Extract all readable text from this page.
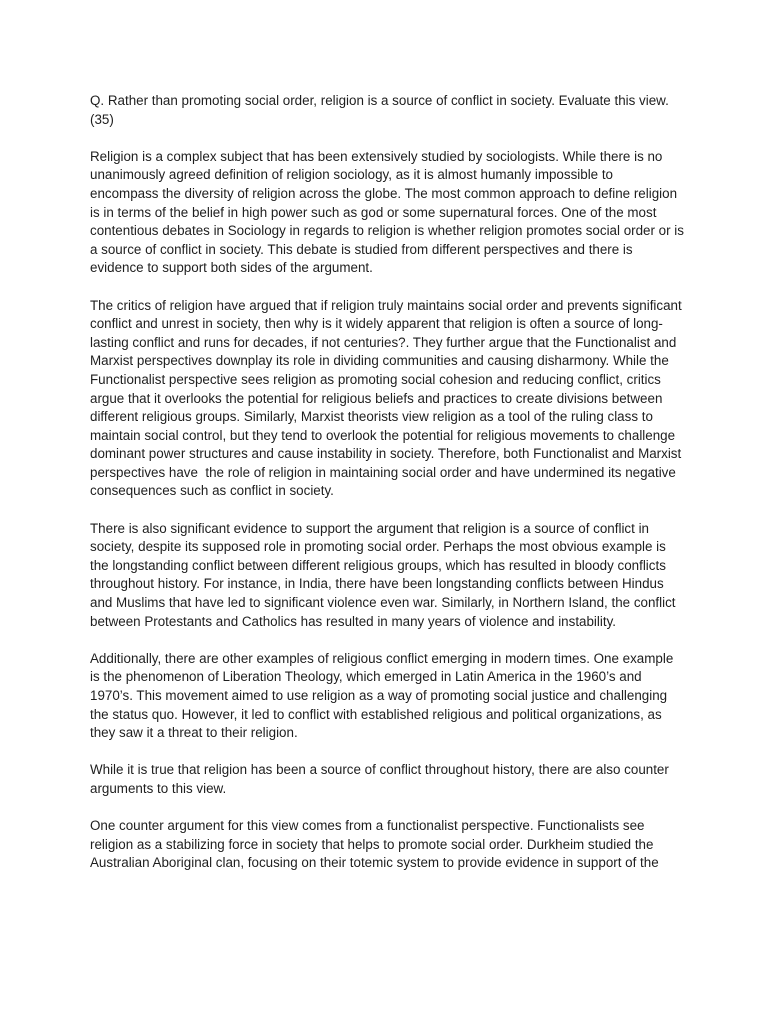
Q. Rather than promoting social order, religion is a source of conflict in society. Evaluate this view. (35)

Religion is a complex subject that has been extensively studied by sociologists. While there is no unanimously agreed definition of religion sociology, as it is almost humanly impossible to encompass the diversity of religion across the globe. The most common approach to define religion is in terms of the belief in high power such as god or some supernatural forces. One of the most contentious debates in Sociology in regards to religion is whether religion promotes social order or is a source of conflict in society. This debate is studied from different perspectives and there is evidence to support both sides of the argument.

The critics of religion have argued that if religion truly maintains social order and prevents significant conflict and unrest in society, then why is it widely apparent that religion is often a source of long-lasting conflict and runs for decades, if not centuries?. They further argue that the Functionalist and Marxist perspectives downplay its role in dividing communities and causing disharmony. While the Functionalist perspective sees religion as promoting social cohesion and reducing conflict, critics argue that it overlooks the potential for religious beliefs and practices to create divisions between different religious groups. Similarly, Marxist theorists view religion as a tool of the ruling class to maintain social control, but they tend to overlook the potential for religious movements to challenge dominant power structures and cause instability in society. Therefore, both Functionalist and Marxist perspectives have  the role of religion in maintaining social order and have undermined its negative consequences such as conflict in society.

There is also significant evidence to support the argument that religion is a source of conflict in society, despite its supposed role in promoting social order. Perhaps the most obvious example is the longstanding conflict between different religious groups, which has resulted in bloody conflicts throughout history. For instance, in India, there have been longstanding conflicts between Hindus and Muslims that have led to significant violence even war. Similarly, in Northern Island, the conflict between Protestants and Catholics has resulted in many years of violence and instability.

Additionally, there are other examples of religious conflict emerging in modern times. One example is the phenomenon of Liberation Theology, which emerged in Latin America in the 1960’s and 1970’s. This movement aimed to use religion as a way of promoting social justice and challenging the status quo. However, it led to conflict with established religious and political organizations, as they saw it a threat to their religion.

While it is true that religion has been a source of conflict throughout history, there are also counter arguments to this view.

One counter argument for this view comes from a functionalist perspective. Functionalists see religion as a stabilizing force in society that helps to promote social order. Durkheim studied the Australian Aboriginal clan, focusing on their totemic system to provide evidence in support of the
